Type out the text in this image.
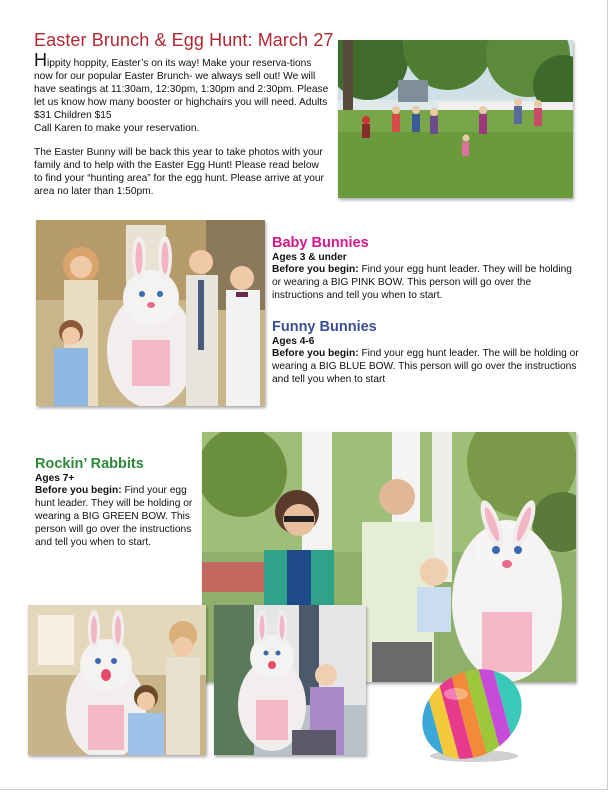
Easter Brunch & Egg Hunt: March 27

Hippity hoppity, Easter’s on its way! Make your reserva-tions now for our popular Easter Brunch- we always sell out! We will have seatings at 11:30am, 12:30pm, 1:30pm and 2:30pm. Please let us know how many booster or highchairs you will need. Adults $31 Children $15
Call Karen to make your reservation.

The Easter Bunny will be back this year to take photos with your family and to help with the Easter Egg Hunt! Please read below to find your “hunting area” for the egg hunt. Please arrive at your area no later than 1:50pm.

Baby Bunnies

Ages 3 & under

Before you begin: Find your egg hunt leader. They will be holding or wearing a BIG PINK BOW. This person will go over the instructions and tell you when to start.

Funny Bunnies

Ages 4-6

Before you begin: Find your egg hunt leader. The will be holding or wearing a BIG BLUE BOW. This person will go over the instructions and tell you when to start

Rockin’ Rabbits

Ages 7+

Before you begin: Find your egg hunt leader. They will be holding or wearing a BIG GREEN BOW. This person will go over the instructions and tell you when to start.
